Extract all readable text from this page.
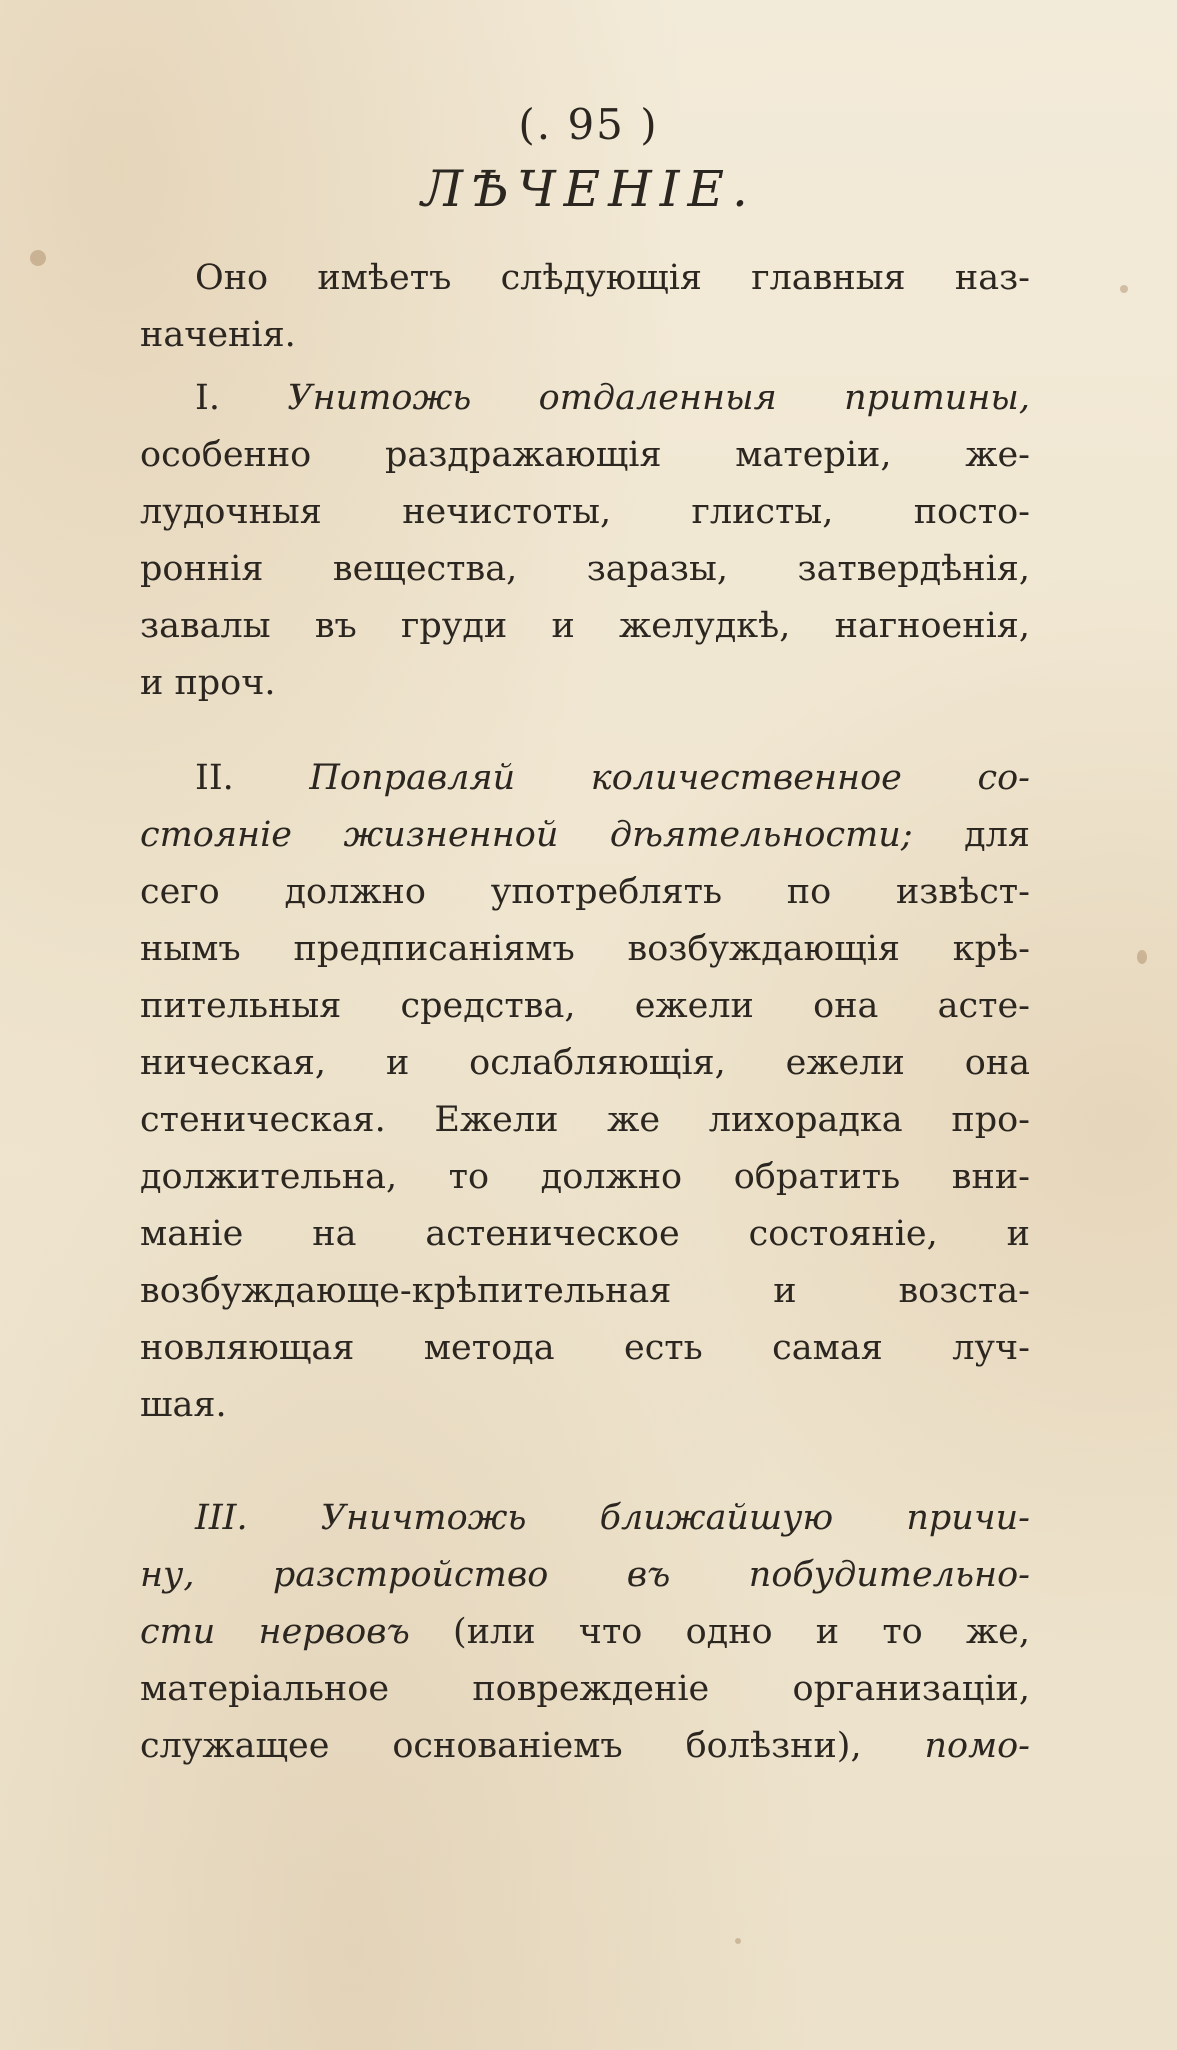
(. 95 )
ЛѢЧЕНІЕ.
Оно имѣетъ слѣдующія главныя наз-
наченія.
I. Унитожь отдаленныя притины,
особенно раздражающія матеріи, же-
лудочныя нечистоты, глисты, посто-
роннія вещества, заразы, затвердѣнія,
завалы въ груди и желудкѣ, нагноенія,
и проч.
II. Поправляй количественное со-
стояніе жизненной дѣятельности; для
сего должно употреблять по извѣст-
нымъ предписаніямъ возбуждающія крѣ-
пительныя средства, ежели она асте-
ническая, и ослабляющія, ежели она
стеническая. Ежели же лихорадка про-
должительна, то должно обратить вни-
маніе на астеническое состояніе, и
возбуждающе-крѣпительная и возста-
новляющая метода есть самая луч-
шая.
III. Уничтожь ближайшую причи-
ну, разстройство въ побудительно-
сти нервовъ (или что одно и то же,
матеріальное поврежденіе организаціи,
служащее основаніемъ болѣзни), помо-
